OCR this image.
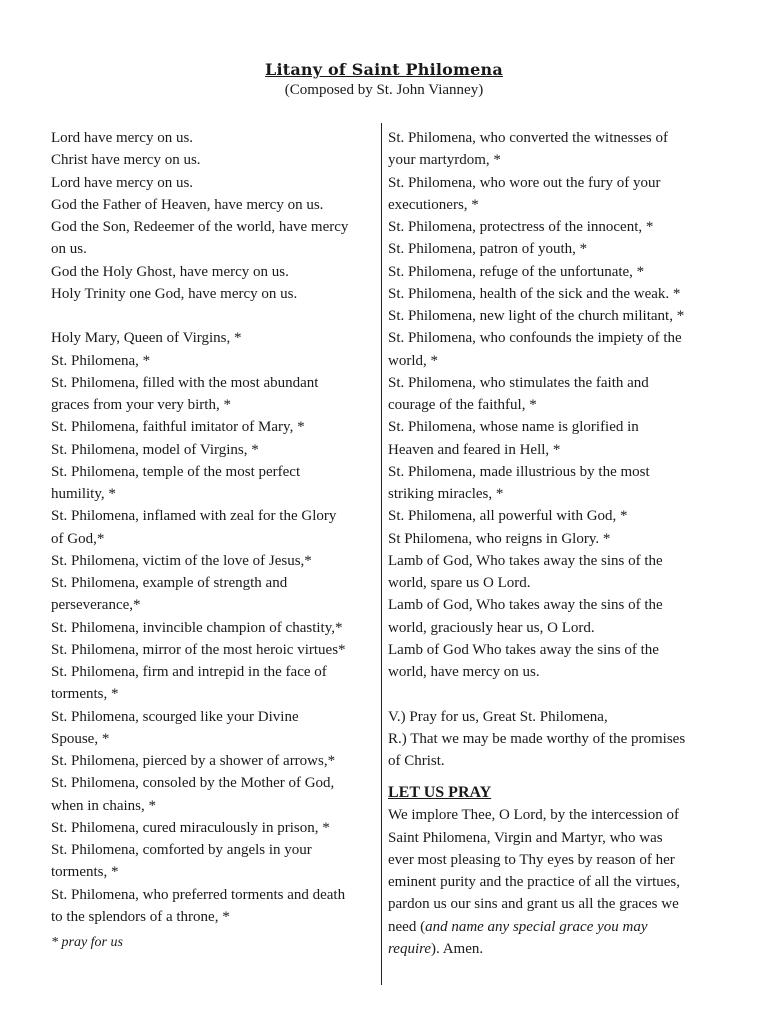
Litany of Saint Philomena
(Composed by St. John Vianney)
Lord have mercy on us.
Christ have mercy on us.
Lord have mercy on us.
God the Father of Heaven, have mercy on us.
God the Son, Redeemer of the world, have mercy
on us.
God the Holy Ghost, have mercy on us.
Holy Trinity one God, have mercy on us.
Holy Mary, Queen of Virgins, *
St. Philomena, *
St. Philomena, filled with the most abundant
graces from your very birth, *
St. Philomena, faithful imitator of Mary, *
St. Philomena, model of Virgins, *
St. Philomena, temple of the most perfect
humility, *
St. Philomena, inflamed with zeal for the Glory
of God,*
St. Philomena, victim of the love of Jesus,*
St. Philomena, example of strength and
perseverance,*
St. Philomena, invincible champion of chastity,*
St. Philomena, mirror of the most heroic virtues*
St. Philomena, firm and intrepid in the face of
torments, *
St. Philomena, scourged like your Divine
Spouse, *
St. Philomena, pierced by a shower of arrows,*
St. Philomena, consoled by the Mother of God,
when in chains, *
St. Philomena, cured miraculously in prison, *
St. Philomena, comforted by angels in your
torments, *
St. Philomena, who preferred torments and death
to the splendors of a throne, *
* pray for us
St. Philomena, who converted the witnesses of
your martyrdom, *
St. Philomena, who wore out the fury of your
executioners, *
St. Philomena, protectress of the innocent, *
St. Philomena, patron of youth, *
St. Philomena, refuge of the unfortunate, *
St. Philomena, health of the sick and the weak. *
St. Philomena, new light of the church militant, *
St. Philomena, who confounds the impiety of the
world, *
St. Philomena, who stimulates the faith and
courage of the faithful, *
St. Philomena, whose name is glorified in
Heaven and feared in Hell, *
St. Philomena, made illustrious by the most
striking miracles, *
St. Philomena, all powerful with God, *
St Philomena, who reigns in Glory. *
Lamb of God, Who takes away the sins of the
world, spare us O Lord.
Lamb of God, Who takes away the sins of the
world, graciously hear us, O Lord.
Lamb of God Who takes away the sins of the
world, have mercy on us.
V.) Pray for us, Great St. Philomena,
R.) That we may be made worthy of the promises
of Christ.
LET US PRAY
We implore Thee, O Lord, by the intercession of
Saint Philomena, Virgin and Martyr, who was
ever most pleasing to Thy eyes by reason of her
eminent purity and the practice of all the virtues,
pardon us our sins and grant us all the graces we
need (and name any special grace you may
require). Amen.
